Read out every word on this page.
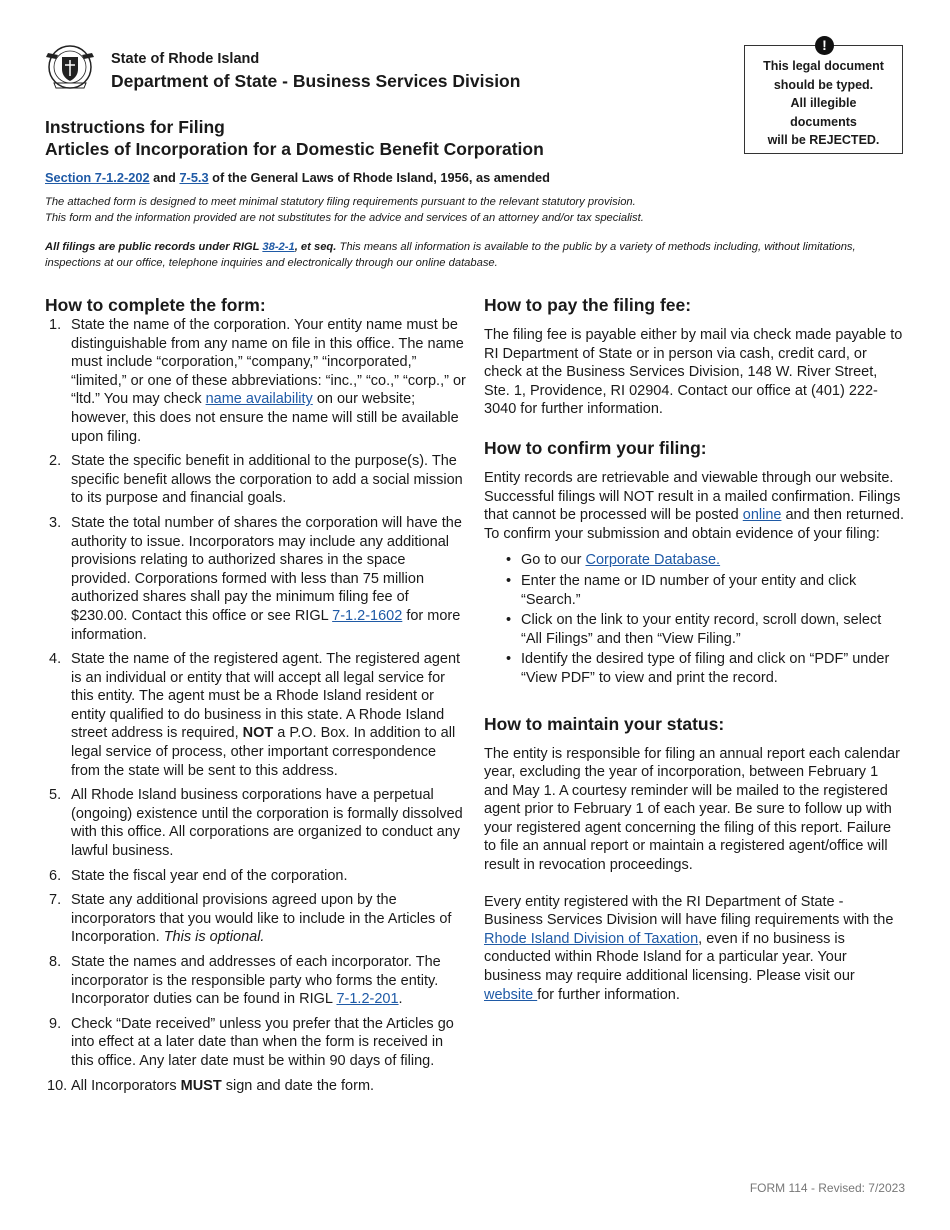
State of Rhode Island
Department of State - Business Services Division
!
This legal document
should be typed.
All illegible
documents
will be REJECTED.
Instructions for Filing
Articles of Incorporation for a Domestic Benefit Corporation
Section 7-1.2-202 and 7-5.3 of the General Laws of Rhode Island, 1956, as amended
The attached form is designed to meet minimal statutory filing requirements pursuant to the relevant statutory provision.
This form and the information provided are not substitutes for the advice and services of an attorney and/or tax specialist.
All filings are public records under RIGL 38-2-1, et seq. This means all information is available to the public by a variety of methods including, without limitations, inspections at our office, telephone inquiries and electronically through our online database.
How to complete the form:
1. State the name of the corporation. Your entity name must be distinguishable from any name on file in this office. The name must include “corporation,” “company,” “incorporated,” “limited,” or one of these abbreviations: “inc.,” “co.,” “corp.,” or “ltd.” You may check name availability on our website; however, this does not ensure the name will still be available upon filing.
2. State the specific benefit in additional to the purpose(s). The specific benefit allows the corporation to add a social mission to its purpose and financial goals.
3. State the total number of shares the corporation will have the authority to issue. Incorporators may include any additional provisions relating to authorized shares in the space provided. Corporations formed with less than 75 million authorized shares shall pay the minimum filing fee of $230.00. Contact this office or see RIGL 7-1.2-1602 for more information.
4. State the name of the registered agent. The registered agent is an individual or entity that will accept all legal service for this entity. The agent must be a Rhode Island resident or entity qualified to do business in this state. A Rhode Island street address is required, NOT a P.O. Box. In addition to all legal service of process, other important correspondence from the state will be sent to this address.
5. All Rhode Island business corporations have a perpetual (ongoing) existence until the corporation is formally dissolved with this office. All corporations are organized to conduct any lawful business.
6. State the fiscal year end of the corporation.
7. State any additional provisions agreed upon by the incorporators that you would like to include in the Articles of Incorporation. This is optional.
8. State the names and addresses of each incorporator. The incorporator is the responsible party who forms the entity. Incorporator duties can be found in RIGL 7-1.2-201.
9. Check “Date received” unless you prefer that the Articles go into effect at a later date than when the form is received in this office. Any later date must be within 90 days of filing.
10. All Incorporators MUST sign and date the form.
How to pay the filing fee:

The filing fee is payable either by mail via check made payable to RI Department of State or in person via cash, credit card, or check at the Business Services Division, 148 W. River Street, Ste. 1, Providence, RI 02904. Contact our office at (401) 222-3040 for further information.

How to confirm your filing:

Entity records are retrievable and viewable through our website. Successful filings will NOT result in a mailed confirmation. Filings that cannot be processed will be posted online and then returned. To confirm your submission and obtain evidence of your filing:

• Go to our Corporate Database.
• Enter the name or ID number of your entity and click “Search.”
• Click on the link to your entity record, scroll down, select “All Filings” and then “View Filing.”
• Identify the desired type of filing and click on “PDF” under “View PDF” to view and print the record.
How to maintain your status:

The entity is responsible for filing an annual report each calendar year, excluding the year of incorporation, between February 1 and May 1. A courtesy reminder will be mailed to the registered agent prior to February 1 of each year. Be sure to follow up with your registered agent concerning the filing of this report. Failure to file an annual report or maintain a registered agent/office will result in revocation proceedings.

Every entity registered with the RI Department of State - Business Services Division will have filing requirements with the Rhode Island Division of Taxation, even if no business is conducted within Rhode Island for a particular year. Your business may require additional licensing. Please visit our website for further information.

FORM 114 - Revised: 7/2023
